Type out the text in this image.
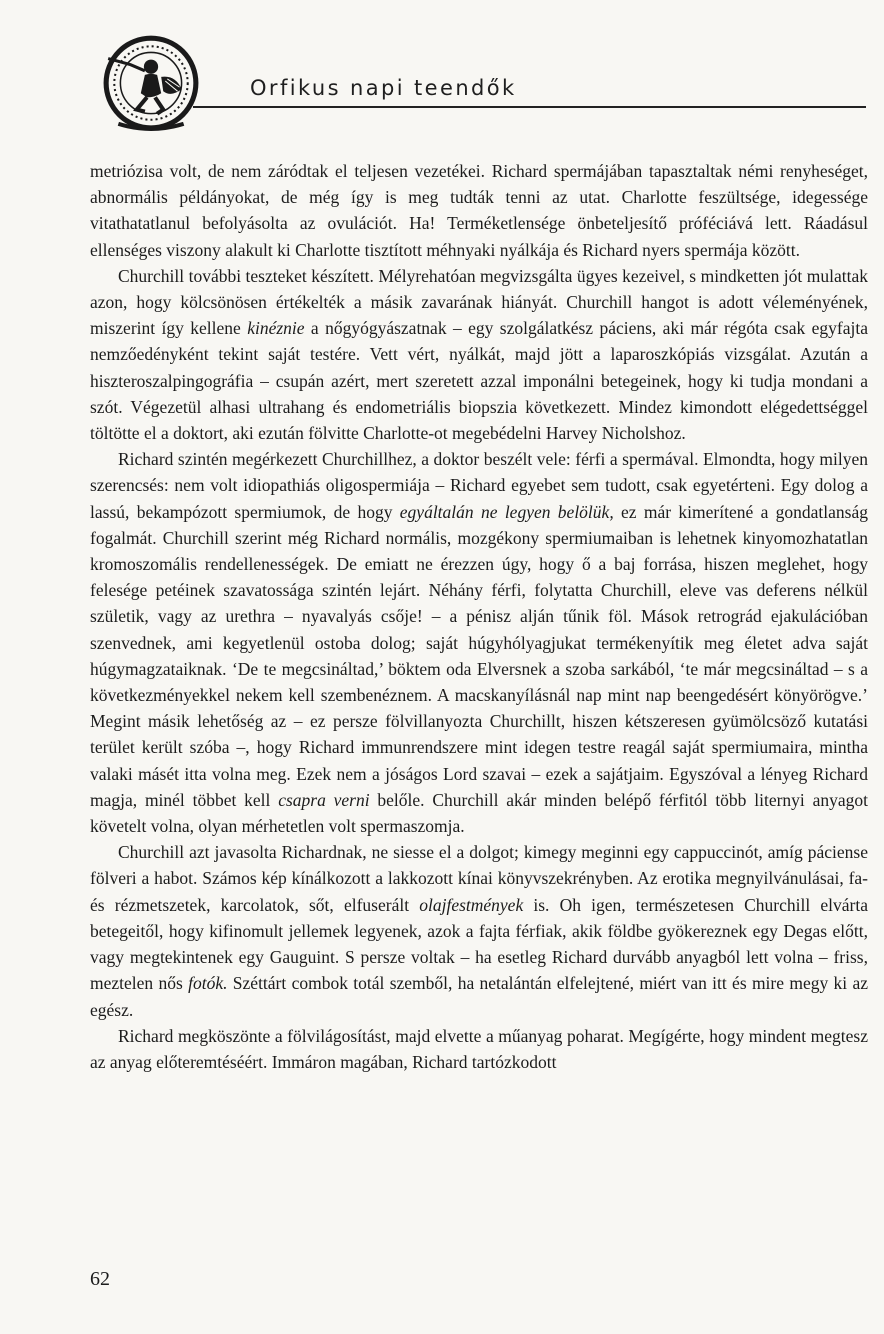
Orfikus napi teendők

metriózisa volt, de nem záródtak el teljesen vezetékei. Richard spermájában tapasztaltak némi renyheséget, abnormális példányokat, de még így is meg tudták tenni az utat. Charlotte feszültsége, idegessége vitathatatlanul befolyásolta az ovulációt. Ha! Terméketlensége önbeteljesítő próféciává lett. Ráadásul ellenséges viszony alakult ki Charlotte tisztított méhnyaki nyálkája és Richard nyers spermája között.

Churchill további teszteket készített. Mélyrehatóan megvizsgálta ügyes kezeivel, s mindketten jót mulattak azon, hogy kölcsönösen értékelték a másik zavarának hiányát. Churchill hangot is adott véleményének, miszerint így kellene kinéznie a nőgyógyászatnak – egy szolgálatkész páciens, aki már régóta csak egyfajta nemzőedényként tekint saját testére. Vett vért, nyálkát, majd jött a laparoszkópiás vizsgálat. Azután a hiszteroszalpingográfia – csupán azért, mert szeretett azzal imponálni betegeinek, hogy ki tudja mondani a szót. Végezetül alhasi ultrahang és endometriális biopszia következett. Mindez kimondott elégedettséggel töltötte el a doktort, aki ezután fölvitte Charlotte-ot megebédelni Harvey Nicholshoz.

Richard szintén megérkezett Churchillhez, a doktor beszélt vele: férfi a spermával. Elmondta, hogy milyen szerencsés: nem volt idiopathiás oligospermiája – Richard egyebet sem tudott, csak egyetérteni. Egy dolog a lassú, bekampózott spermiumok, de hogy egyáltalán ne legyen belölük, ez már kimerítené a gondatlanság fogalmát. Churchill szerint még Richard normális, mozgékony spermiumaiban is lehetnek kinyomozhatatlan kromoszomális rendellenességek. De emiatt ne érezzen úgy, hogy ő a baj forrása, hiszen meglehet, hogy felesége petéinek szavatossága szintén lejárt. Néhány férfi, folytatta Churchill, eleve vas deferens nélkül születik, vagy az urethra – nyavalyás csője! – a pénisz alján tűnik föl. Mások retrográd ejakulációban szenvednek, ami kegyetlenül ostoba dolog; saját húgyhólyagjukat termékenyítik meg életet adva saját húgymagzataiknak. ‘De te megcsináltad,’ böktem oda Elversnek a szoba sarkából, ‘te már megcsináltad – s a következményekkel nekem kell szembenéznem. A macskanyílásnál nap mint nap beengedésért könyörögve.’ Megint másik lehetőség az – ez persze fölvillanyozta Churchillt, hiszen kétszeresen gyümölcsöző kutatási terület került szóba –, hogy Richard immunrendszere mint idegen testre reagál saját spermiumaira, mintha valaki másét itta volna meg. Ezek nem a jóságos Lord szavai – ezek a sajátjaim. Egyszóval a lényeg Richard magja, minél többet kell csapra verni belőle. Churchill akár minden belépő férfitól több liternyi anyagot követelt volna, olyan mérhetetlen volt spermaszomja.

Churchill azt javasolta Richardnak, ne siesse el a dolgot; kimegy meginni egy cappuccinót, amíg páciense fölveri a habot. Számos kép kínálkozott a lakkozott kínai könyvszekrényben. Az erotika megnyilvánulásai, fa- és rézmetszetek, karcolatok, sőt, elfuserált olajfestmények is. Oh igen, természetesen Churchill elvárta betegeitől, hogy kifinomult jellemek legyenek, azok a fajta férfiak, akik földbe gyökereznek egy Degas előtt, vagy megtekintenek egy Gauguint. S persze voltak – ha esetleg Richard durvább anyagból lett volna – friss, meztelen nős fotók. Széttárt combok totál szemből, ha netalántán elfelejtené, miért van itt és mire megy ki az egész.

Richard megköszönte a fölvilágosítást, majd elvette a műanyag poharat. Megígérte, hogy mindent megtesz az anyag előteremtéséért. Immáron magában, Richard tartózkodott

62
